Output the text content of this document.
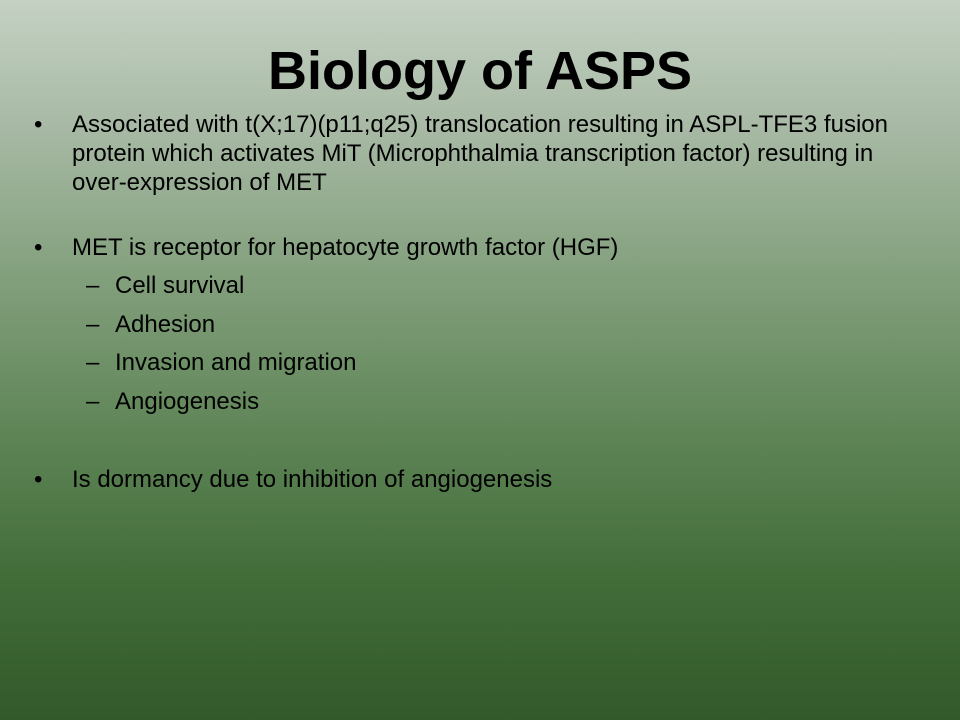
Biology of ASPS
• Associated with t(X;17)(p11;q25) translocation resulting in ASPL-TFE3 fusion protein which activates MiT (Microphthalmia transcription factor) resulting in over-expression of MET
• MET is receptor for hepatocyte growth factor (HGF)
– Cell survival
– Adhesion
– Invasion and migration
– Angiogenesis
• Is dormancy due to inhibition of angiogenesis
